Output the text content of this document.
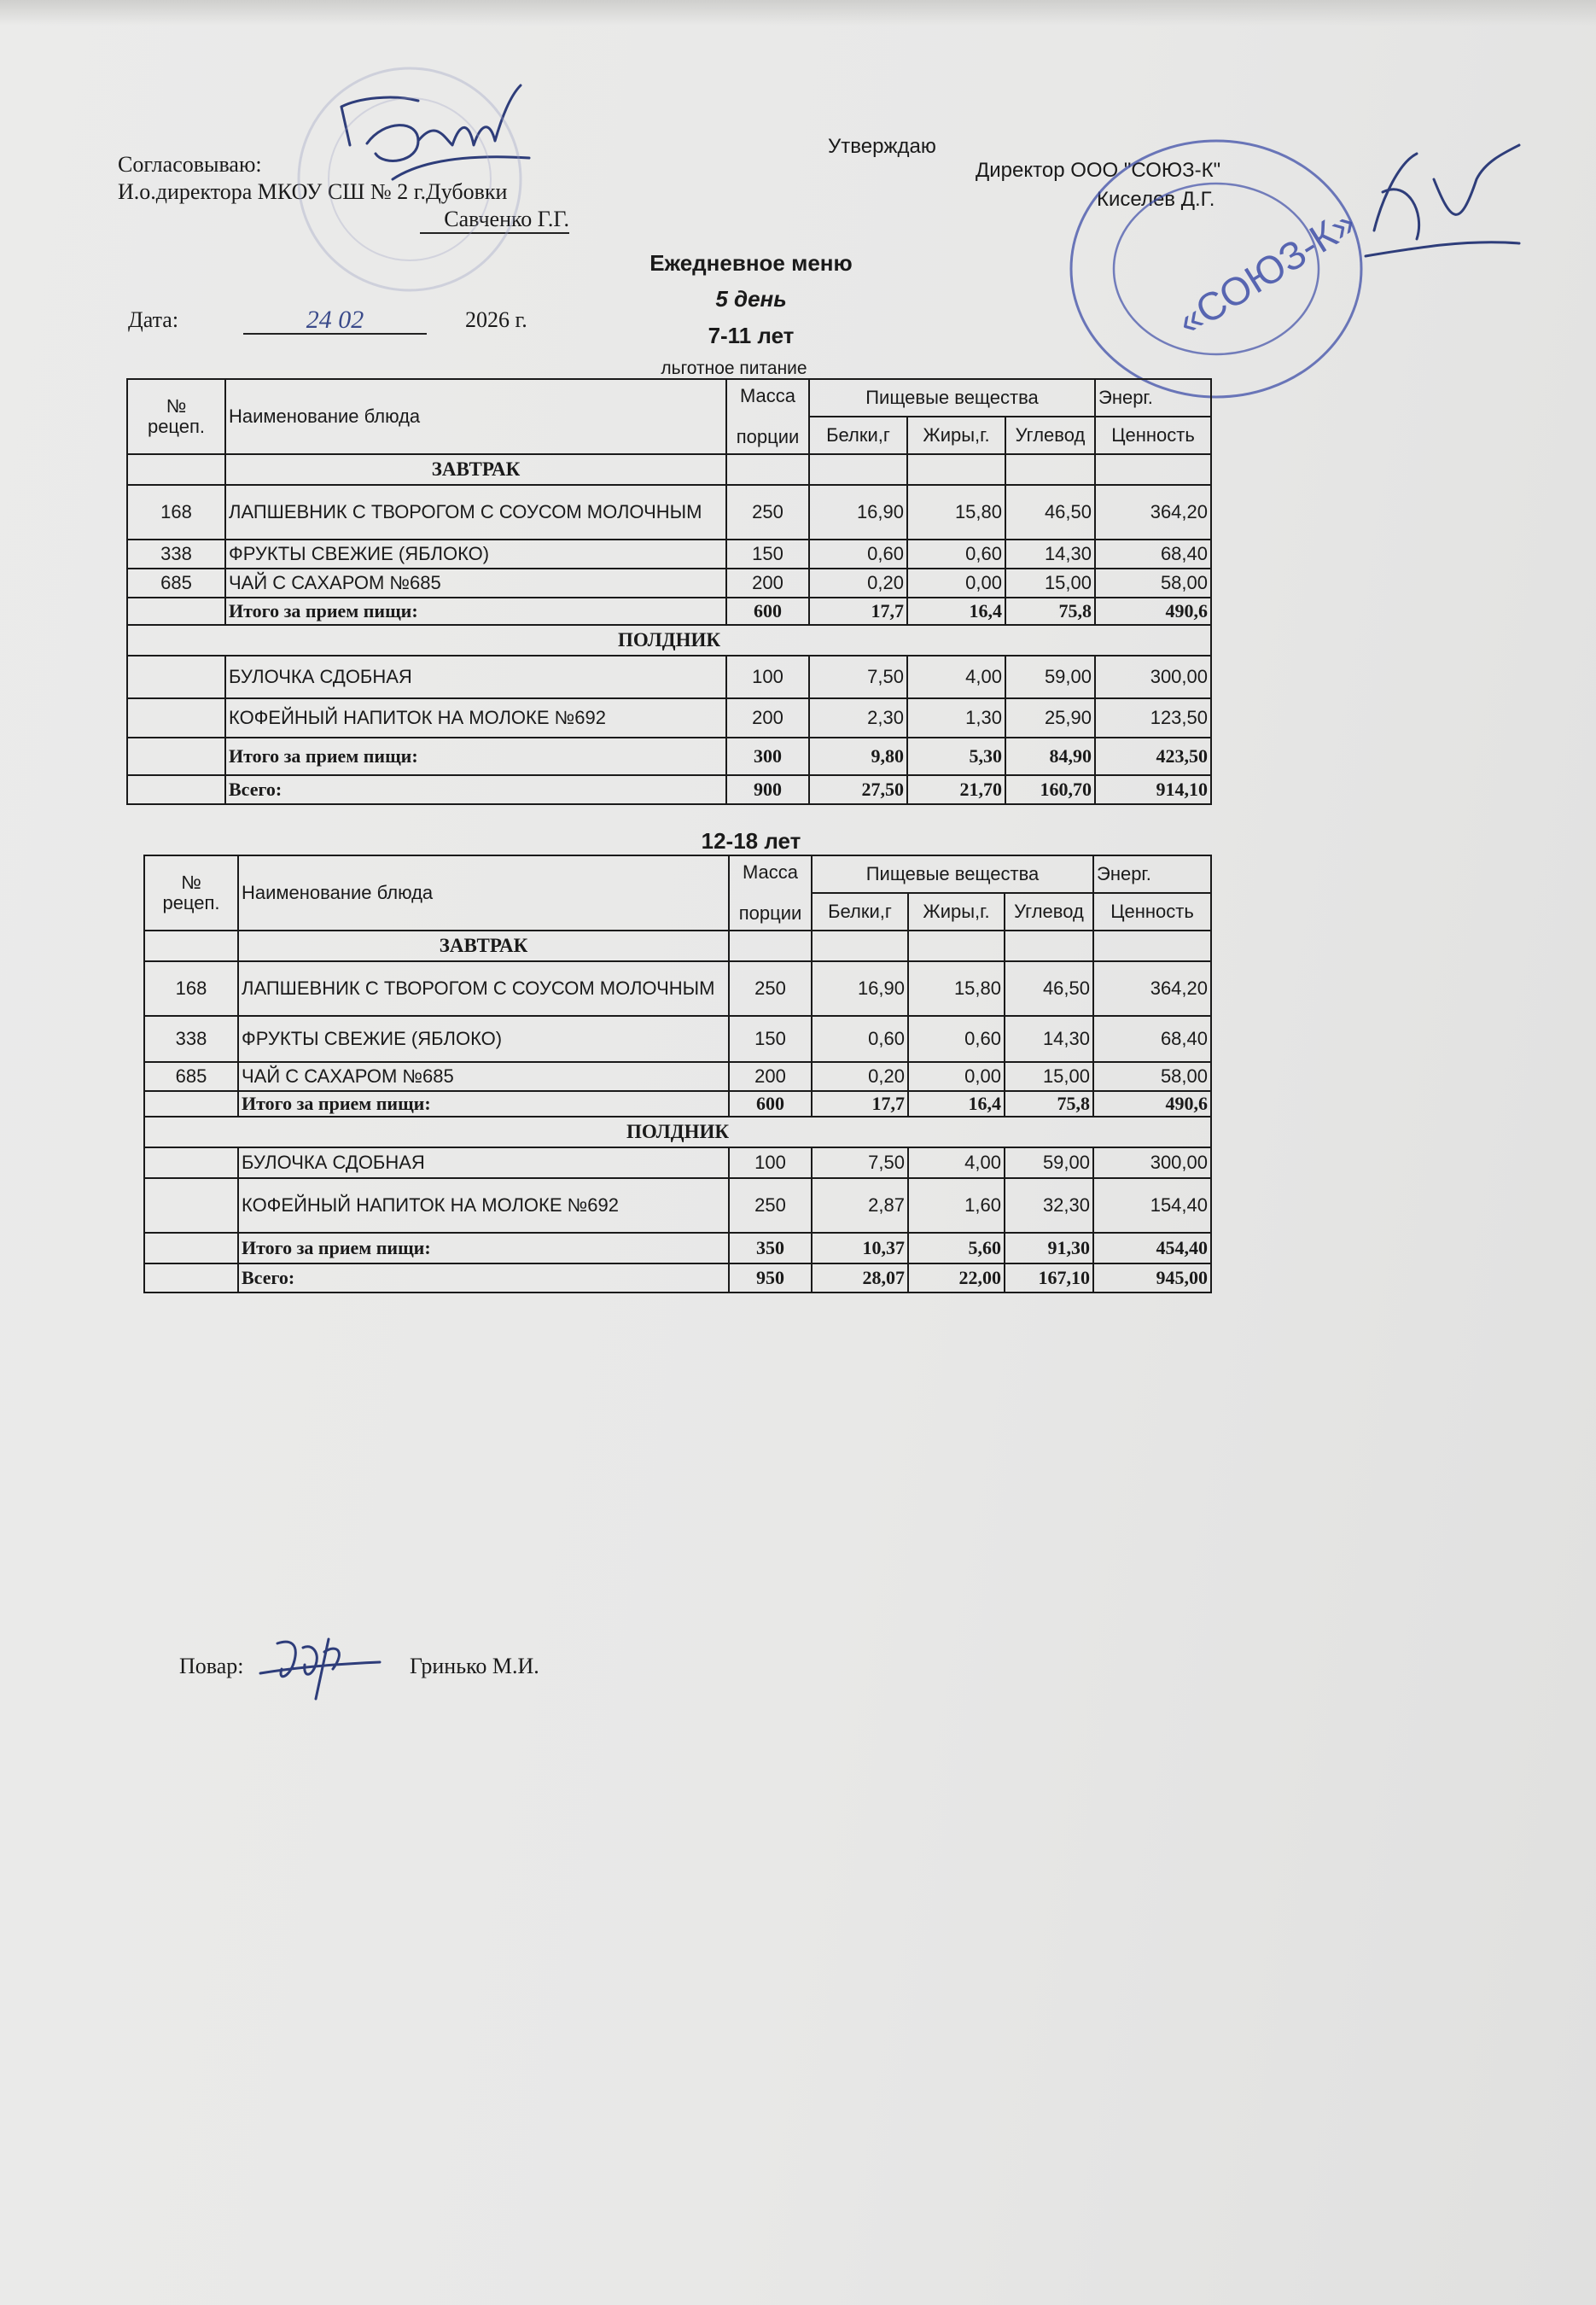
Согласовываю:
И.о.директора МКОУ СШ № 2 г.Дубовки
Савченко Г.Г.
Утверждаю
Директор ООО "СОЮЗ-К"
Киселев Д.Г.
«СОЮЗ-К»
Ежедневное меню
5 день
7-11 лет
льготное питание
Дата:	24 02	2026 г.
№
рецеп.	Наименование блюда	Масса

порции	Пищевые вещества			Энерг.
			Белки,г	Жиры,г.	Углевод	Ценность
	ЗАВТРАК					
168	ЛАПШЕВНИК С ТВОРОГОМ С СОУСОМ МОЛОЧНЫМ	250	16,90	15,80	46,50	364,20
338	ФРУКТЫ СВЕЖИЕ (ЯБЛОКО)	150	0,60	0,60	14,30	68,40
685	ЧАЙ С САХАРОМ №685	200	0,20	0,00	15,00	58,00
	Итого за прием пищи:	600	17,7	16,4	75,8	490,6
ПОЛДНИК						
	БУЛОЧКА СДОБНАЯ	100	7,50	4,00	59,00	300,00
	КОФЕЙНЫЙ НАПИТОК НА МОЛОКЕ №692	200	2,30	1,30	25,90	123,50
	Итого за прием пищи:	300	9,80	5,30	84,90	423,50
	Всего:	900	27,50	21,70	160,70	914,10
12-18 лет
№
рецеп.	Наименование блюда	Масса

порции	Пищевые вещества			Энерг.
			Белки,г	Жиры,г.	Углевод	Ценность
	ЗАВТРАК					
168	ЛАПШЕВНИК С ТВОРОГОМ С СОУСОМ МОЛОЧНЫМ	250	16,90	15,80	46,50	364,20
338	ФРУКТЫ СВЕЖИЕ (ЯБЛОКО)	150	0,60	0,60	14,30	68,40
685	ЧАЙ С САХАРОМ №685	200	0,20	0,00	15,00	58,00
	Итого за прием пищи:	600	17,7	16,4	75,8	490,6
ПОЛДНИК						
	БУЛОЧКА СДОБНАЯ	100	7,50	4,00	59,00	300,00
	КОФЕЙНЫЙ НАПИТОК НА МОЛОКЕ №692	250	2,87	1,60	32,30	154,40
	Итого за прием пищи:	350	10,37	5,60	91,30	454,40
	Всего:	950	28,07	22,00	167,10	945,00
Повар:	Гринько М.И.
